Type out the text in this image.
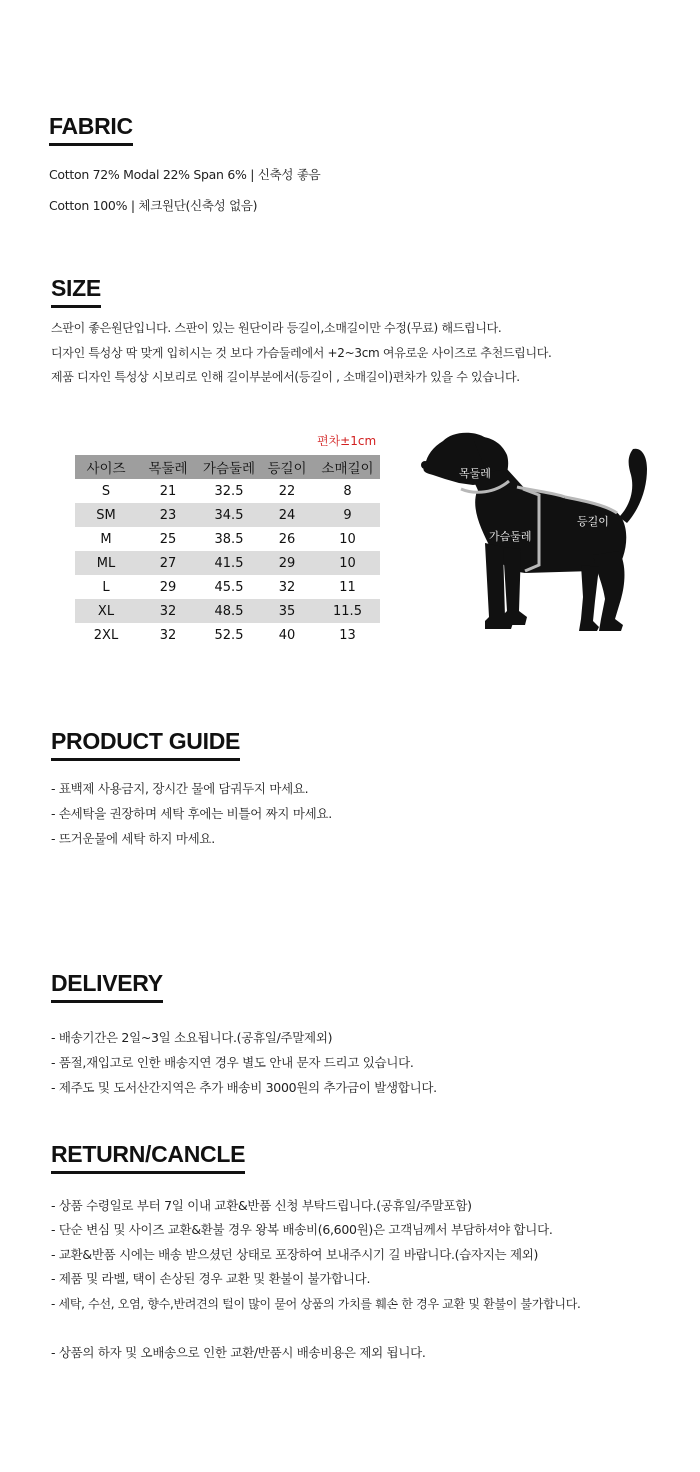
FABRIC
Cotton 72% Modal 22% Span 6% | 신축성 좋음
Cotton 100% | 체크원단(신축성 없음)
SIZE
스판이 좋은원단입니다. 스판이 있는 원단이라 등길이,소매길이만 수정(무료) 해드립니다.
디자인 특성상 딱 맞게 입히시는 것 보다 가슴둘레에서 +2~3cm 여유로운 사이즈로 추천드립니다.
제품 디자인 특성상 시보리로 인해 길이부분에서(등길이 , 소매길이)편차가 있을 수 있습니다.
편차±1cm
사이즈	목둘레	가슴둘레	등길이	소매길이
S	21	32.5	22	8
SM	23	34.5	24	9
M	25	38.5	26	10
ML	27	41.5	29	10
L	29	45.5	32	11
XL	32	48.5	35	11.5
2XL	32	52.5	40	13
목둘레
가슴둘레
등길이
PRODUCT GUIDE
- 표백제 사용금지, 장시간 물에 담궈두지 마세요.
- 손세탁을 권장하며 세탁 후에는 비틀어 짜지 마세요.
- 뜨거운물에 세탁 하지 마세요.
DELIVERY
- 배송기간은 2일~3일 소요됩니다.(공휴일/주말제외)
- 품절,재입고로 인한 배송지연 경우 별도 안내 문자 드리고 있습니다.
- 제주도 및 도서산간지역은 추가 배송비 3000원의 추가금이 발생합니다.
RETURN/CANCLE
- 상품 수령일로 부터 7일 이내 교환&반품 신청 부탁드립니다.(공휴일/주말포함)
- 단순 변심 및 사이즈 교환&환불 경우 왕복 배송비(6,600원)은 고객님께서 부담하셔야 합니다.
- 교환&반품 시에는 배송 받으셨던 상태로 포장하여 보내주시기 길 바랍니다.(습자지는 제외)
- 제품 및 라벨, 택이 손상된 경우 교환 및 환불이 불가합니다.
- 세탁, 수선, 오염, 향수,반려견의 털이 많이 묻어 상품의 가치를 훼손 한 경우 교환 및 환불이 불가합니다.
- 상품의 하자 및 오배송으로 인한 교환/반품시 배송비용은 제외 됩니다.
